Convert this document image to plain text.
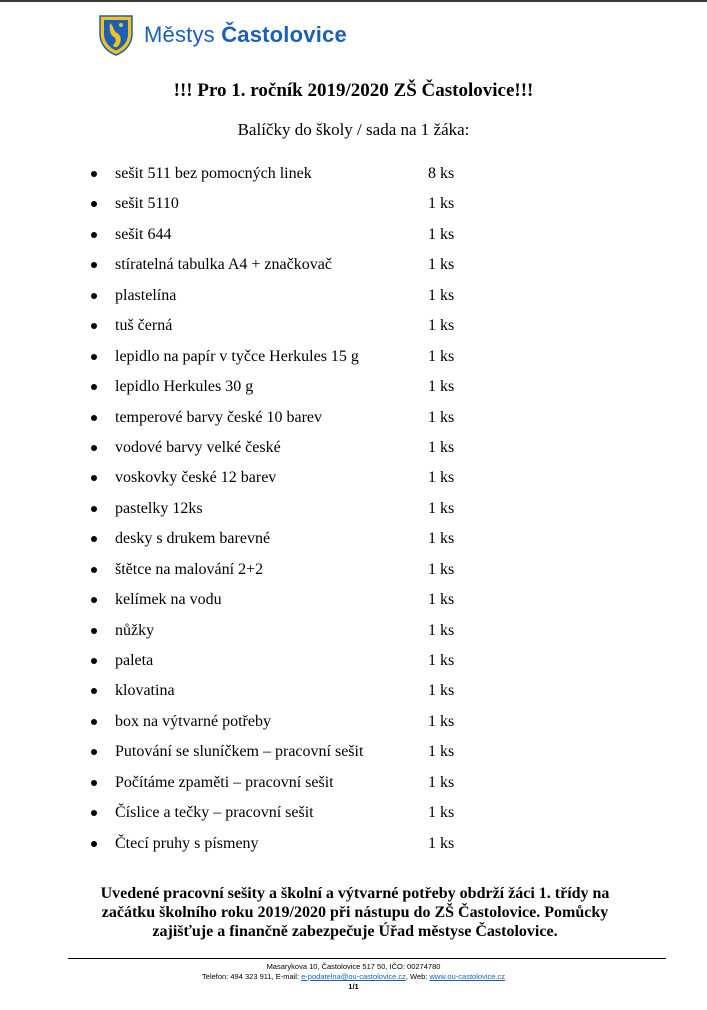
Městys Častolovice
!!! Pro 1. ročník 2019/2020 ZŠ Častolovice!!!
Balíčky do školy / sada na 1 žáka:
sešit 511 bez pomocných linek	8 ks
sešit 5110	1 ks
sešit 644	1 ks
stíratelná tabulka A4 + značkovač	1 ks
plastelína	1 ks
tuš černá	1 ks
lepidlo na papír v tyčce Herkules 15 g	1 ks
lepidlo Herkules 30 g	1 ks
temperové barvy české 10 barev	1 ks
vodové barvy velké české	1 ks
voskovky české 12 barev	1 ks
pastelky 12ks	1 ks
desky s drukem barevné	1 ks
štětce na malování 2+2	1 ks
kelímek na vodu	1 ks
nůžky	1 ks
paleta	1 ks
klovatina	1 ks
box na výtvarné potřeby	1 ks
Putování se sluníčkem – pracovní sešit	1 ks
Počítáme zpaměti – pracovní sešit	1 ks
Číslice a tečky – pracovní sešit	1 ks
Čtecí pruhy s písmeny	1 ks
Uvedené pracovní sešity a školní a výtvarné potřeby obdrží žáci 1. třídy na
začátku školního roku 2019/2020 při nástupu do ZŠ Častolovice. Pomůcky
zajišťuje a finančně zabezpečuje Úřad městyse Častolovice.
Masarykova 10, Častolovice 517 50, IČO: 00274780
Telefon: 494 323 911, E-mail: e-podatelna@ou-castolovice.cz, Web: www.ou-castolovice.cz
1/1
